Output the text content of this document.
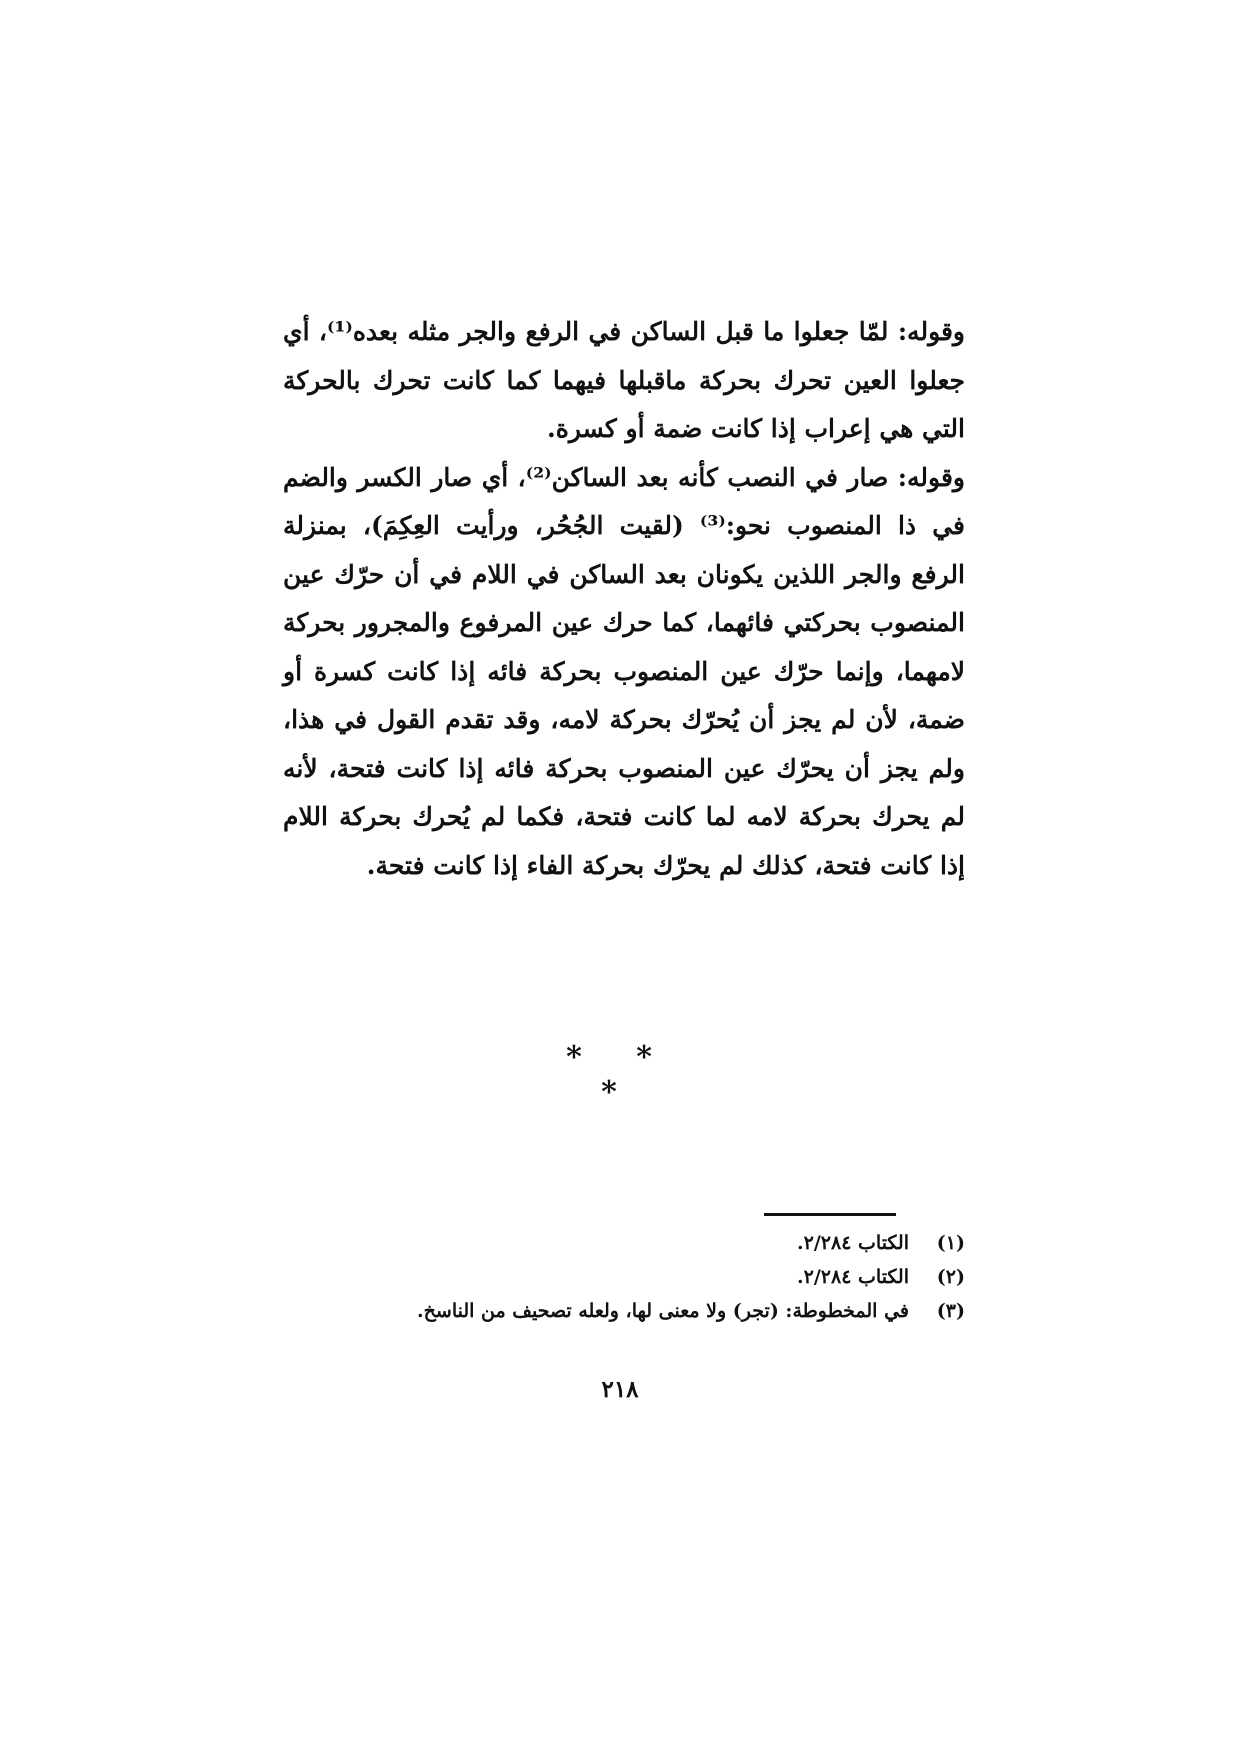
وقوله: لمّا جعلوا ما قبل الساكن في الرفع والجر مثله بعده⁽¹⁾، أي جعلوا العين تحرك بحركة ماقبلها فيهما كما كانت تحرك بالحركة التي هي إعراب إذا كانت ضمة أو كسرة.

وقوله: صار في النصب كأنه بعد الساكن⁽²⁾، أي صار الكسر والضم في ذا المنصوب نحو:⁽³⁾ (لقيت الجُحُر، ورأيت العِكِمَ)، بمنزلة الرفع والجر اللذين يكونان بعد الساكن في اللام في أن حرّك عين المنصوب بحركتي فائهما، كما حرك عين المرفوع والمجرور بحركة لامهما، وإنما حرّك عين المنصوب بحركة فائه إذا كانت كسرة أو ضمة، لأن لم يجز أن يُحرّك بحركة لامه، وقد تقدم القول في هذا، ولم يجز أن يحرّك عين المنصوب بحركة فائه إذا كانت فتحة، لأنه لم يحرك بحركة لامه لما كانت فتحة، فكما لم يُحرك بحركة اللام إذا كانت فتحة، كذلك لم يحرّك بحركة الفاء إذا كانت فتحة.

* * *
(١)
الكتاب ٢/٢٨٤.
(٢)
الكتاب ٢/٢٨٤.
(٣)
في المخطوطة: (تجر) ولا معنى لها، ولعله تصحيف من الناسخ.
٢١٨
